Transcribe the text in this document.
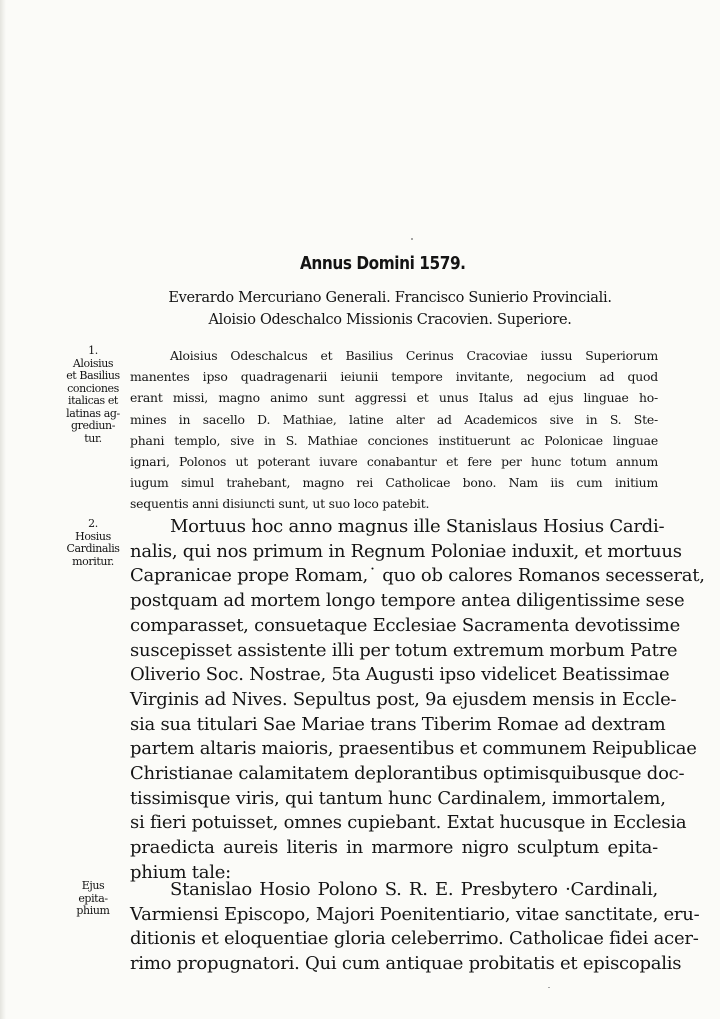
Annus Domini 1579.
Everardo Mercuriano Generali. Francisco Sunierio Provinciali.
Aloisio Odeschalco Missionis Cracovien. Superiore.
1.
Aloisius
et Basilius
conciones
italicas et
latinas ag-
grediun-
tur.
Aloisius Odeschalcus et Basilius Cerinus Cracoviae iussu Superiorum
manentes ipso quadragenarii ieiunii tempore invitante, negocium ad quod
erant missi, magno animo sunt aggressi et unus Italus ad ejus linguae ho-
mines in sacello D. Mathiae, latine alter ad Academicos sive in S. Ste-
phani templo, sive in S. Mathiae conciones instituerunt ac Polonicae linguae
ignari, Polonos ut poterant iuvare conabantur et fere per hunc totum annum
iugum simul trahebant, magno rei Catholicae bono. Nam iis cum initium
sequentis anni disiuncti sunt, ut suo loco patebit.
2.
Hosius
Cardinalis
moritur.
Mortuus hoc anno magnus ille Stanislaus Hosius Cardi-
nalis, qui nos primum in Regnum Poloniae induxit, et mortuus
Capranicae prope Romam,˙ quo ob calores Romanos secesserat,
postquam ad mortem longo tempore antea diligentissime sese
comparasset, consuetaque Ecclesiae Sacramenta devotissime
suscepisset assistente illi per totum extremum morbum Patre
Oliverio Soc. Nostrae, 5ta Augusti ipso videlicet Beatissimae
Virginis ad Nives. Sepultus post, 9a ejusdem mensis in Eccle-
sia sua titulari Sae Mariae trans Tiberim Romae ad dextram
partem altaris maioris, praesentibus et communem Reipublicae
Christianae calamitatem deplorantibus optimisquibusque doc-
tissimisque viris, qui tantum hunc Cardinalem, immortalem,
si fieri potuisset, omnes cupiebant. Extat hucusque in Ecclesia
praedicta aureis literis in marmore nigro sculptum epita-
phium tale:
Ejus
epita-
phium
Stanislao Hosio Polono S. R. E. Presbytero ·Cardinali,
Varmiensi Episcopo, Majori Poenitentiario, vitae sanctitate, eru-
ditionis et eloquentiae gloria celeberrimo. Catholicae fidei acer-
rimo propugnatori. Qui cum antiquae probitatis et episcopalis
